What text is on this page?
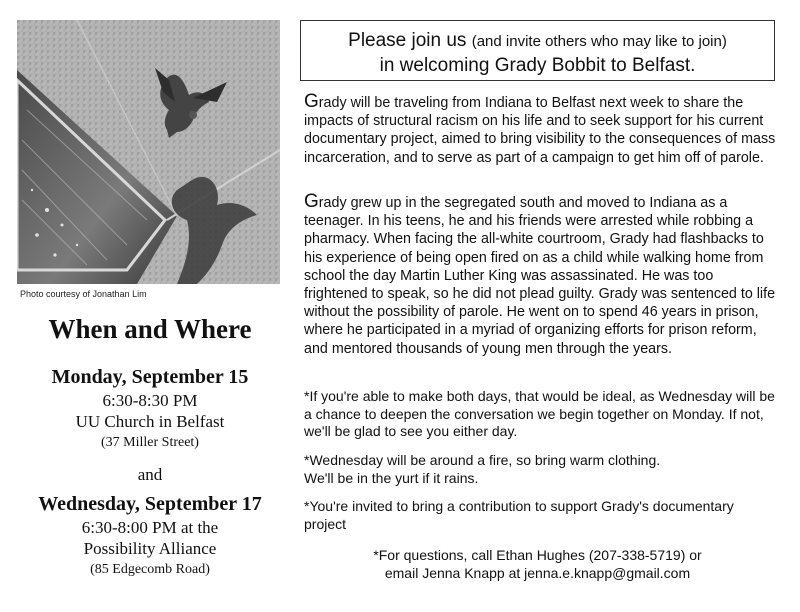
Photo courtesy of Jonathan Lim
When and Where
Monday, September 15
6:30-8:30 PM
UU Church in Belfast
(37 Miller Street)
and
Wednesday, September 17
6:30-8:00 PM at the
Possibility Alliance
(85 Edgecomb Road)
Please join us (and invite others who may like to join)
in welcoming Grady Bobbit to Belfast.

Grady will be traveling from Indiana to Belfast next week to share the impacts of structural racism on his life and to seek support for his current documentary project, aimed to bring visibility to the consequences of mass incarceration, and to serve as part of a campaign to get him off of parole.

Grady grew up in the segregated south and moved to Indiana as a teenager. In his teens, he and his friends were arrested while robbing a pharmacy. When facing the all-white courtroom, Grady had flashbacks to his experience of being open fired on as a child while walking home from school the day Martin Luther King was assassinated. He was too frightened to speak, so he did not plead guilty. Grady was sentenced to life without the possibility of parole. He went on to spend 46 years in prison, where he participated in a myriad of organizing efforts for prison reform, and mentored thousands of young men through the years.

*If you're able to make both days, that would be ideal, as Wednesday will be a chance to deepen the conversation we begin together on Monday. If not, we'll be glad to see you either day.

*Wednesday will be around a fire, so bring warm clothing.

We'll be in the yurt if it rains.

*You're invited to bring a contribution to support Grady's documentary project

*For questions, call Ethan Hughes (207-338-5719) or
email Jenna Knapp at jenna.e.knapp@gmail.com
